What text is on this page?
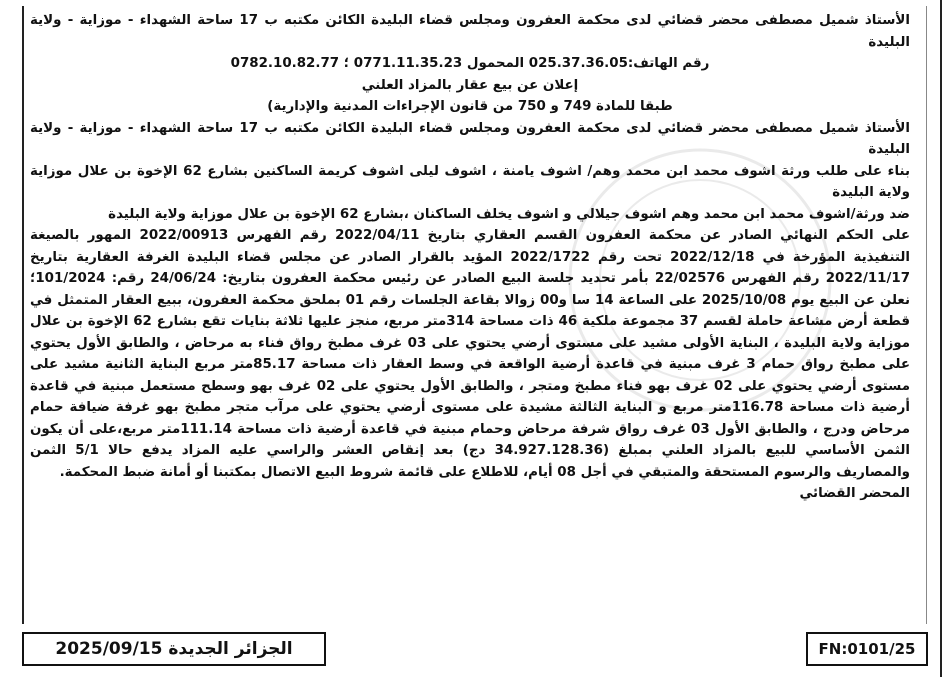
الأستاذ شميل مصطفى محضر قضائي لدى محكمة العفرون ومجلس قضاء البليدة الكائن مكتبه ب 17 ساحة الشهداء - موزاية - ولاية البليدة

رقم الهاتف:025.37.36.05 المحمول 0771.11.35.23 ؛ 0782.10.82.77

إعلان عن بيع عقار بالمزاد العلني

طبقا للمادة 749 و 750 من قانون الإجراءات المدنية والإدارية)

الأستاذ شميل مصطفى محضر قضائي لدى محكمة العفرون ومجلس قضاء البليدة الكائن مكتبه ب 17 ساحة الشهداء - موزاية - ولاية البليدة

بناء على طلب ورثة اشوف محمد ابن محمد وهم/ اشوف يامنة ، اشوف ليلى اشوف كريمة الساكنين بشارع 62 الإخوة بن علال موزاية ولاية البليدة

ضد ورثة/اشوف محمد ابن محمد وهم اشوف جيلالي و اشوف يخلف الساكنان ،بشارع 62 الإخوة بن علال موزاية ولاية البليدة

على الحكم النهائي الصادر عن محكمة العفرون القسم العقاري بتاريخ 2022/04/11 رقم الفهرس 2022/00913 المهور بالصيغة التنفيذية المؤرخة في 2022/12/18 تحت رقم 2022/1722 المؤيد بالقرار الصادر عن مجلس قضاء البليدة الغرفة العقارية بتاريخ 2022/11/17 رقم الفهرس 22/02576 بأمر تحديد جلسة البيع الصادر عن رئيس محكمة العفرون بتاريخ: 24/06/24 رقم: 101/2024؛ نعلن عن البيع يوم 2025/10/08 على الساعة 14 سا و00 زوالا بقاعة الجلسات رقم 01 بملحق محكمة العفرون، ببيع العقار المتمثل في قطعة أرض مشاعة حاملة لقسم 37 مجموعة ملكية 46 ذات مساحة 314متر مربع، منجز عليها ثلاثة بنايات تقع بشارع 62 الإخوة بن علال موزاية ولاية البليدة ، البناية الأولى مشيد على مستوى أرضي يحتوي على 03 غرف مطبخ رواق فناء به مرحاض ، والطابق الأول يحتوي على مطبخ رواق حمام 3 غرف مبنية في قاعدة أرضية الواقعة في وسط العقار ذات مساحة 85.17متر مربع البناية الثانية مشيد على مستوى أرضي يحتوي على 02 غرف بهو فناء مطبخ ومتجر ، والطابق الأول يحتوي على 02 غرف بهو وسطح مستعمل مبنية في قاعدة أرضية ذات مساحة 116.78متر مربع و البناية الثالثة مشيدة على مستوى أرضي يحتوي على مرآب متجر مطبخ بهو غرفة ضيافة حمام مرحاض ودرج ، والطابق الأول 03 غرف رواق شرفة مرحاض وحمام مبنية في قاعدة أرضية ذات مساحة 111.14متر مربع،على أن يكون الثمن الأساسي للبيع بالمزاد العلني بمبلغ (34.927.128.36 دج) بعد إنقاص العشر والراسي عليه المزاد يدفع حالا 5/1 الثمن والمصاريف والرسوم المستحقة والمتبقي في أجل 08 أيام، للاطلاع على قائمة شروط البيع الاتصال بمكتبنا أو أمانة ضبط المحكمة.

المحضر القضائي

الجزائر الجديدة 2025/09/15	FN:0101/25
